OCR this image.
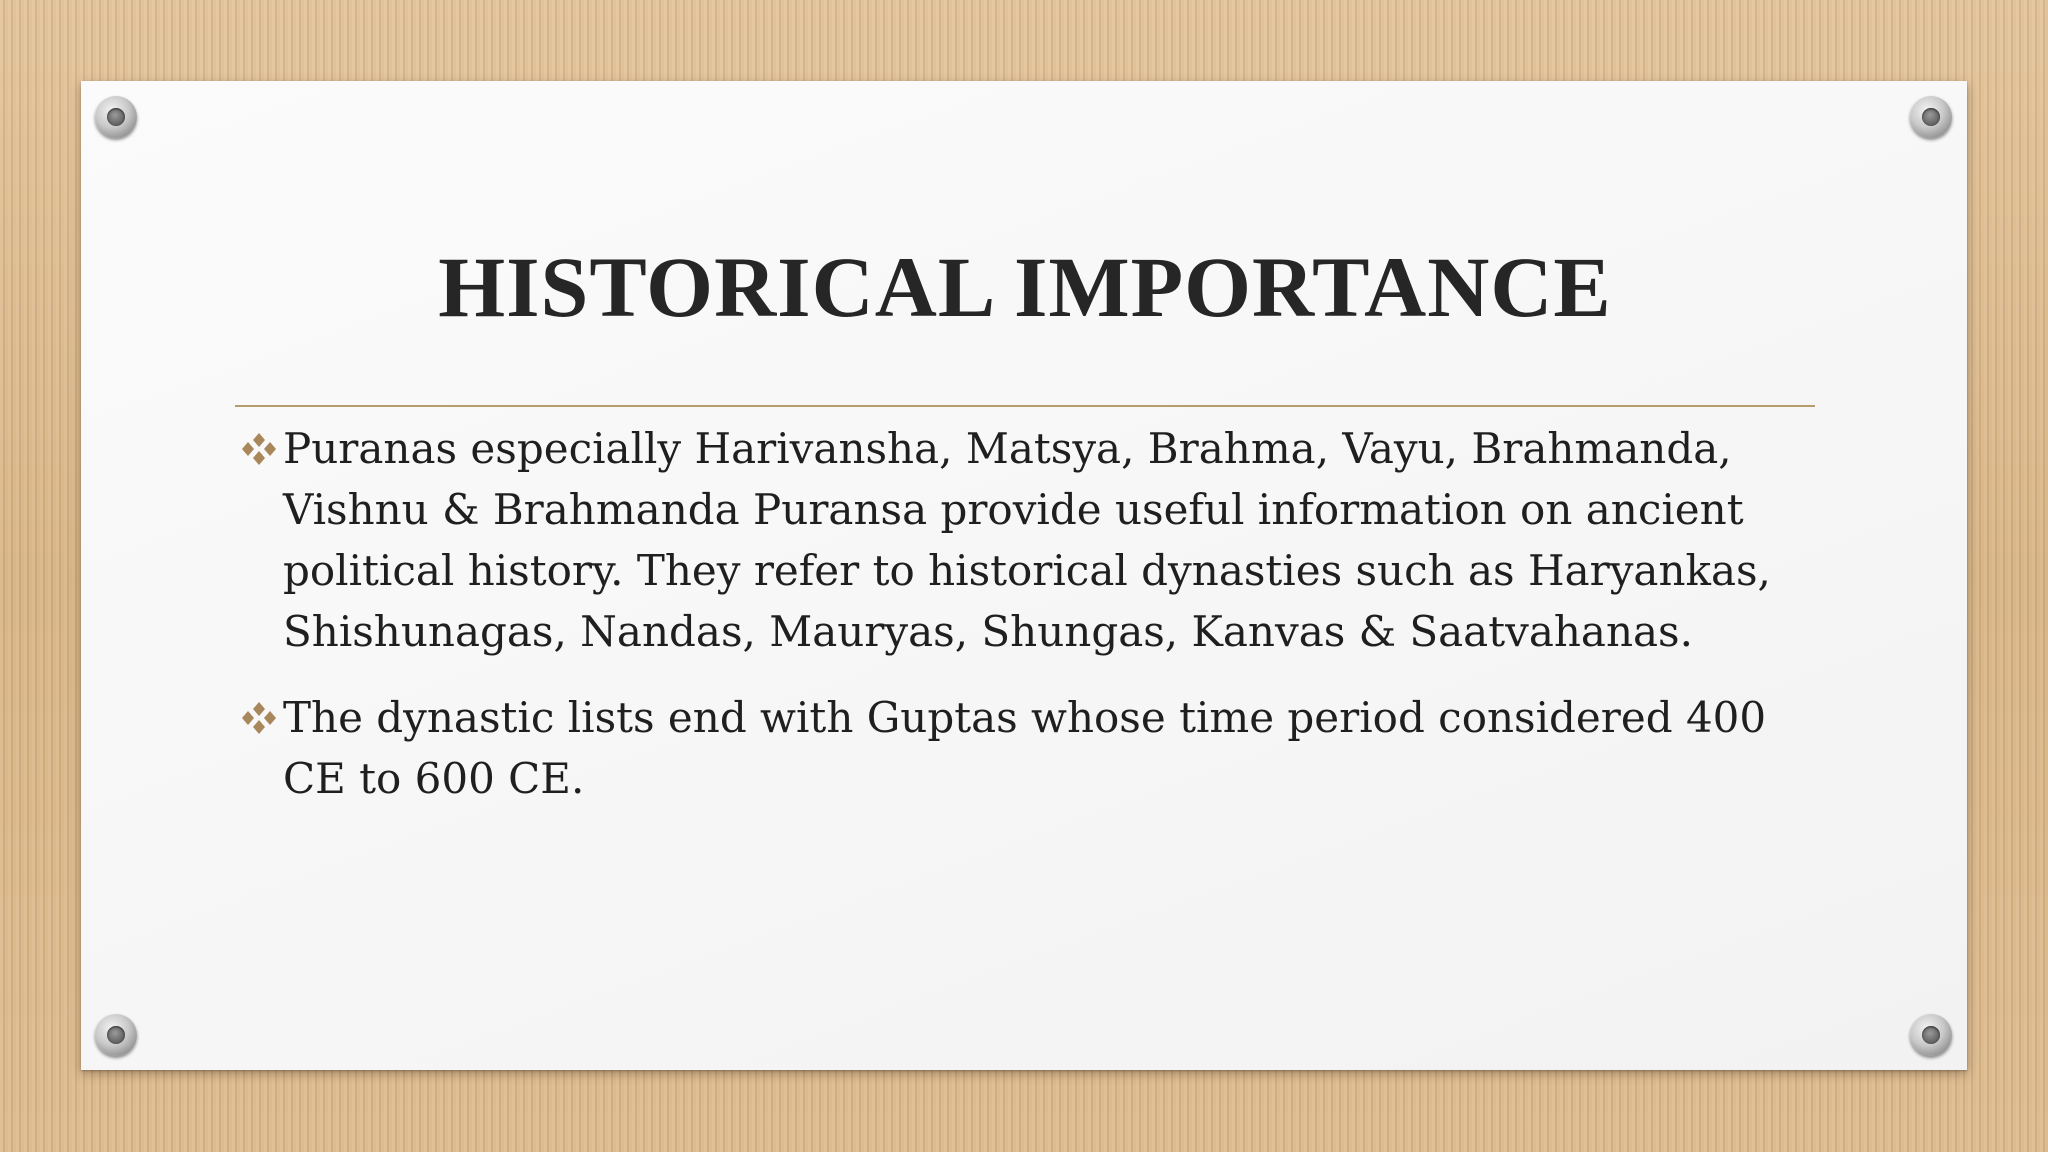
HISTORICAL IMPORTANCE
Puranas especially Harivansha, Matsya, Brahma, Vayu, Brahmanda, Vishnu & Brahmanda Puransa provide useful information on ancient political history. They refer to historical dynasties such as Haryankas, Shishunagas, Nandas, Mauryas, Shungas, Kanvas & Saatvahanas.
The dynastic lists end with Guptas whose time period considered 400 CE to 600 CE.
